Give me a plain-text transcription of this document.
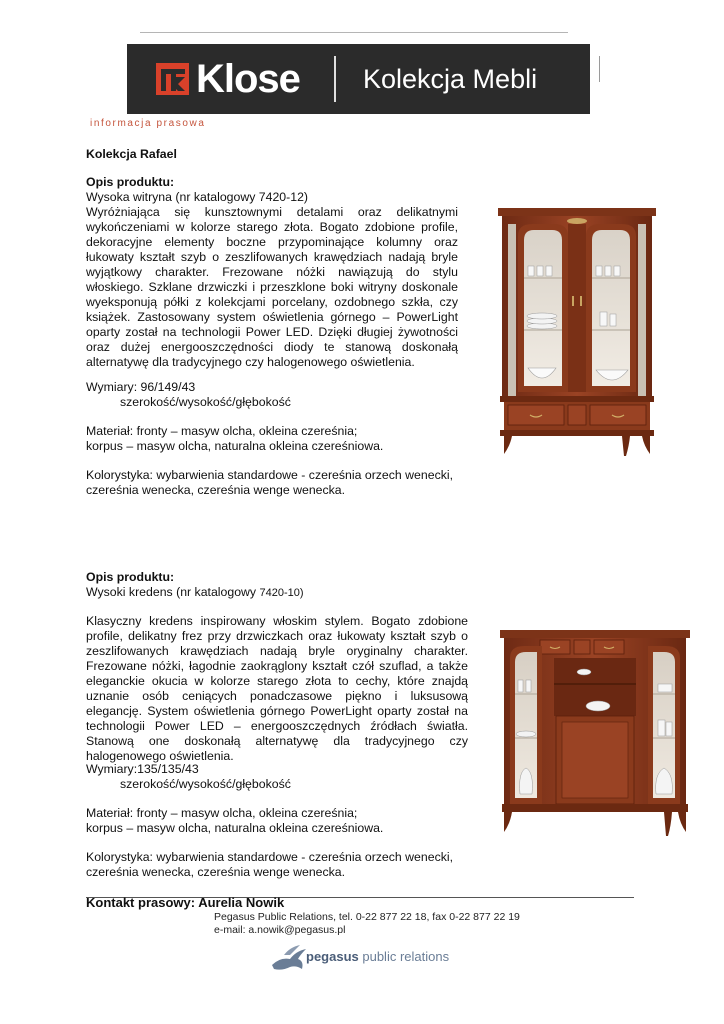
Klose Kolekcja Mebli
informacja prasowa
Kolekcja Rafael
Opis produktu:
Wysoka witryna (nr katalogowy 7420-12)
Wyróżniająca się kunsztownymi detalami oraz delikatnymi wykończeniami w kolorze starego złota. Bogato zdobione profile, dekoracyjne elementy boczne przypominające kolumny oraz łukowaty kształt szyb o zeszlifowanych krawędziach nadają bryle wyjątkowy charakter. Frezowane nóżki nawiązują do stylu włoskiego. Szklane drzwiczki i przeszklone boki witryny doskonale wyeksponują półki z kolekcjami porcelany, ozdobnego szkła, czy książek. Zastosowany system oświetlenia górnego – PowerLight oparty został na technologii Power LED. Dzięki długiej żywotności oraz dużej energooszczędności diody te stanową doskonałą alternatywę dla tradycyjnego czy halogenowego oświetlenia.
Wymiary: 96/149/43
szerokość/wysokość/głębokość
Materiał: fronty – masyw olcha, okleina czereśnia;
korpus – masyw olcha, naturalna okleina czereśniowa.
Kolorystyka: wybarwienia standardowe - czereśnia orzech wenecki,
czereśnia wenecka, czereśnia wenge wenecka.
Opis produktu:
Wysoki kredens (nr katalogowy 7420-10)
Klasyczny kredens inspirowany włoskim stylem. Bogato zdobione profile, delikatny frez przy drzwiczkach oraz łukowaty kształt szyb o zeszlifowanych krawędziach nadają bryle oryginalny charakter. Frezowane nóżki, łagodnie zaokrąglony kształt czół szuflad, a także eleganckie okucia w kolorze starego złota to cechy, które znajdą uznanie osób ceniących ponadczasowe piękno i luksusową elegancję. System oświetlenia górnego PowerLight oparty został na technologii Power LED – energooszczędnych źródłach światła. Stanową one doskonałą alternatywę dla tradycyjnego czy halogenowego oświetlenia.
Wymiary:135/135/43
szerokość/wysokość/głębokość
Materiał: fronty – masyw olcha, okleina czereśnia;
korpus – masyw olcha, naturalna okleina czereśniowa.
Kolorystyka: wybarwienia standardowe - czereśnia orzech wenecki,
czereśnia wenecka, czereśnia wenge wenecka.
Kontakt prasowy: Aurelia Nowik
Pegasus Public Relations, tel. 0-22 877 22 18, fax 0-22 877 22 19
e-mail: a.nowik@pegasus.pl
pegasus public relations
